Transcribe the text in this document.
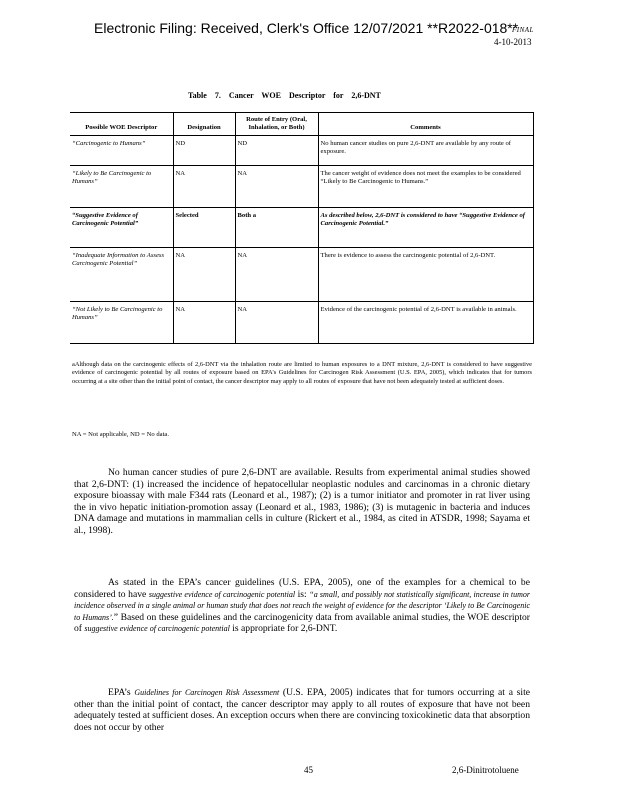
Electronic Filing: Received, Clerk's Office 12/07/2021 **R2022-018**
FINAL
4-10-2013
Table 7. Cancer WOE Descriptor for 2,6-DNT
Possible WOE Descriptor	Designation	Route of Entry (Oral, Inhalation, or Both)	Comments
“Carcinogenic to Humans”	ND	ND	No human cancer studies on pure 2,6-DNT are available by any route of exposure.
“Likely to Be Carcinogenic to Humans”	NA	NA	The cancer weight of evidence does not meet the examples to be considered “Likely to Be Carcinogenic to Humans.”
“Suggestive Evidence of Carcinogenic Potential”	Selected	Both a	As described below, 2,6-DNT is considered to have “Suggestive Evidence of Carcinogenic Potential.”
“Inadequate Information to Assess Carcinogenic Potential”	NA	NA	There is evidence to assess the carcinogenic potential of 2,6-DNT.
“Not Likely to Be Carcinogenic to Humans”	NA	NA	Evidence of the carcinogenic potential of 2,6-DNT is available in animals.
aAlthough data on the carcinogenic effects of 2,6-DNT via the inhalation route are limited to human exposures to a DNT mixture, 2,6-DNT is considered to have suggestive evidence of carcinogenic potential by all routes of exposure based on EPA's Guidelines for Carcinogen Risk Assessment (U.S. EPA, 2005), which indicates that for tumors occurring at a site other than the initial point of contact, the cancer descriptor may apply to all routes of exposure that have not been adequately tested at sufficient doses.
NA = Not applicable, ND = No data.
No human cancer studies of pure 2,6-DNT are available. Results from experimental animal studies showed that 2,6-DNT: (1) increased the incidence of hepatocellular neoplastic nodules and carcinomas in a chronic dietary exposure bioassay with male F344 rats (Leonard et al., 1987); (2) is a tumor initiator and promoter in rat liver using the in vivo hepatic initiation-promotion assay (Leonard et al., 1983, 1986); (3) is mutagenic in bacteria and induces DNA damage and mutations in mammalian cells in culture (Rickert et al., 1984, as cited in ATSDR, 1998; Sayama et al., 1998).
As stated in the EPA’s cancer guidelines (U.S. EPA, 2005), one of the examples for a chemical to be considered to have suggestive evidence of carcinogenic potential is: “a small, and possibly not statistically significant, increase in tumor incidence observed in a single animal or human study that does not reach the weight of evidence for the descriptor ‘Likely to Be Carcinogenic to Humans’.” Based on these guidelines and the carcinogenicity data from available animal studies, the WOE descriptor of suggestive evidence of carcinogenic potential is appropriate for 2,6-DNT.
EPA’s Guidelines for Carcinogen Risk Assessment (U.S. EPA, 2005) indicates that for tumors occurring at a site other than the initial point of contact, the cancer descriptor may apply to all routes of exposure that have not been adequately tested at sufficient doses. An exception occurs when there are convincing toxicokinetic data that absorption does not occur by other
45	2,6-Dinitrotoluene
